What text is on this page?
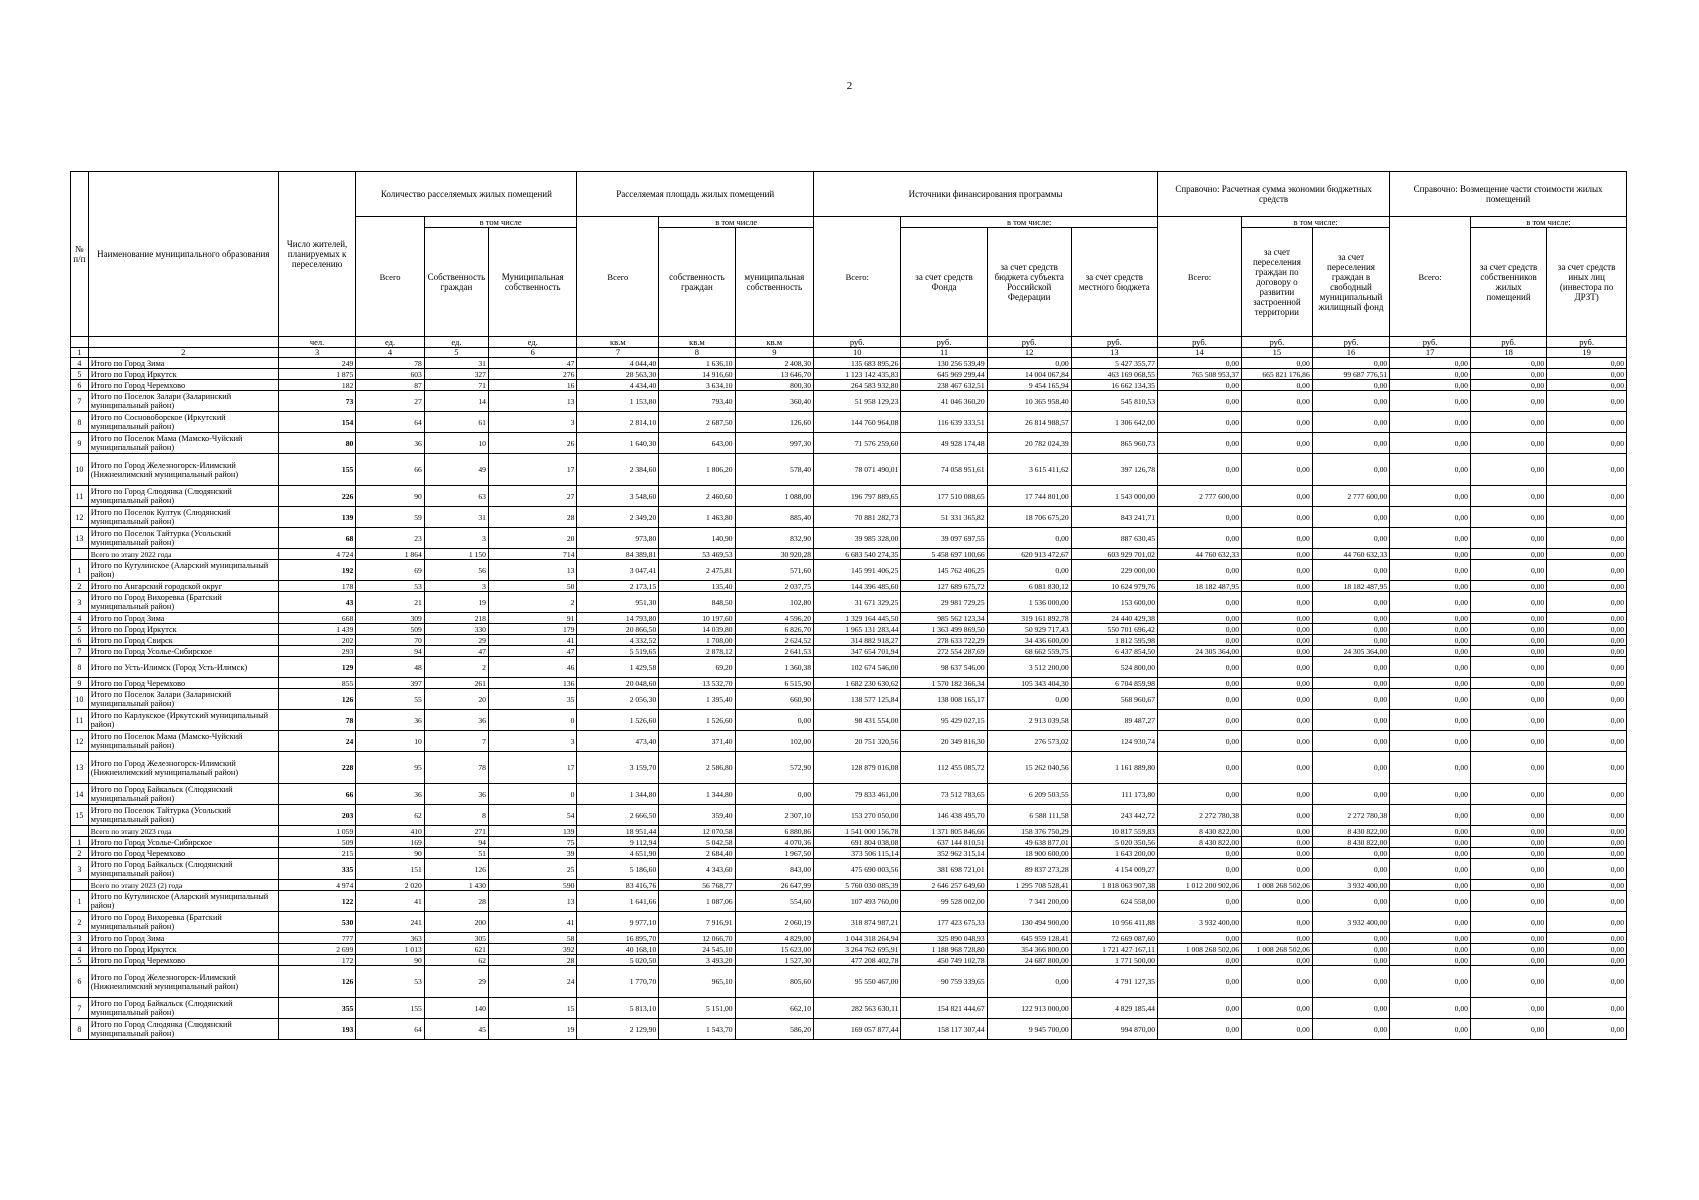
2
№ п/п	Наименование муниципального образования	Число жителей, планируемых к переселению	Количество расселяемых жилых помещений			Расселяемая площадь жилых помещений			Источники финансирования программы				Справочно: Расчетная сумма экономии бюджетных средств			Справочно: Возмещение части стоимости жилых помещений		
			Всего	в том числе		Всего	в том числе		Всего:	в том числе:			Всего:	в том числе:		Всего:	в том числе:	
				Собственность граждан	Муниципальная собственность		собственность граждан	муниципальная собственность		за счет средств Фонда	за счет средств бюджета субъекта Российской Федерации	за счет средств местного бюджета		за счет переселения граждан по договору о развитии застроенной территории	за счет переселения граждан в свободный муниципальный жилищный фонд		за счет средств собственников жилых помещений	за счет средств иных лиц (инвестора по ДРЗТ)
		чел.	ед.	ед.	ед.	кв.м	кв.м	кв.м	руб.	руб.	руб.	руб.	руб.	руб.	руб.	руб.	руб.	руб.
1	2	3	4	5	6	7	8	9	10	11	12	13	14	15	16	17	18	19
4	Итого по Город Зима	249	78	31	47	4 044,40	1 636,10	2 408,30	135 683 895,26	130 256 539,49	0,00	5 427 355,77	0,00	0,00	0,00	0,00	0,00	0,00
5	Итого по Город Иркутск	1 875	603	327	276	28 563,30	14 916,60	13 646,70	1 123 142 435,83	645 969 299,44	14 004 067,84	463 169 068,55	765 508 953,37	665 821 176,86	99 687 776,51	0,00	0,00	0,00
6	Итого по Город Черемхово	182	87	71	16	4 434,40	3 634,10	800,30	264 583 932,80	238 467 632,51	9 454 165,94	16 662 134,35	0,00	0,00	0,00	0,00	0,00	0,00
7	Итого по Поселок Залари (Заларинский муниципальный район)	73	27	14	13	1 153,80	793,40	360,40	51 958 129,23	41 046 360,20	10 365 958,40	545 810,53	0,00	0,00	0,00	0,00	0,00	0,00
8	Итого по Сосновоборское (Иркутский муниципальный район)	154	64	61	3	2 814,10	2 687,50	126,60	144 760 964,08	116 639 333,51	26 814 988,57	1 306 642,00	0,00	0,00	0,00	0,00	0,00	0,00
9	Итого по Поселок Мама (Мамско-Чуйский муниципальный район)	80	36	10	26	1 640,30	643,00	997,30	71 576 259,60	49 928 174,48	20 782 024,39	865 960,73	0,00	0,00	0,00	0,00	0,00	0,00
10	Итого по Город Железногорск-Илимский (Нижнеилимский муниципальный район)	155	66	49	17	2 384,60	1 806,20	578,40	78 071 490,01	74 058 951,61	3 615 411,62	397 126,78	0,00	0,00	0,00	0,00	0,00	0,00
11	Итого по Город Слюдянка (Слюдянский муниципальный район)	226	90	63	27	3 548,60	2 460,60	1 088,00	196 797 889,65	177 510 088,65	17 744 801,00	1 543 000,00	2 777 600,00	0,00	2 777 600,00	0,00	0,00	0,00
12	Итого по Поселок Култук (Слюдянский муниципальный район)	139	59	31	28	2 349,20	1 463,80	885,40	70 881 282,73	51 331 365,82	18 706 675,20	843 241,71	0,00	0,00	0,00	0,00	0,00	0,00
13	Итого по Поселок Тайтурка (Усольский муниципальный район)	68	23	3	20	973,80	140,90	832,90	39 985 328,00	39 097 697,55	0,00	887 630,45	0,00	0,00	0,00	0,00	0,00	0,00
	Всего по этапу 2022 года	4 724	1 864	1 150	714	84 389,81	53 469,53	30 920,28	6 683 540 274,35	5 458 697 100,66	620 913 472,67	603 929 701,02	44 760 632,33	0,00	44 760 632,33	0,00	0,00	0,00
1	Итого по Кутулинское (Аларский муниципальный район)	192	69	56	13	3 047,41	2 475,81	571,60	145 991 406,25	145 762 406,25	0,00	229 000,00	0,00	0,00	0,00	0,00	0,00	0,00
2	Итого по Ангарский городской округ	178	53	3	50	2 173,15	135,40	2 037,75	144 396 485,60	127 689 675,72	6 081 830,12	10 624 979,76	18 182 487,95	0,00	18 182 487,95	0,00	0,00	0,00
3	Итого по Город Вихоревка (Братский муниципальный район)	43	21	19	2	951,30	848,50	102,80	31 671 329,25	29 981 729,25	1 536 000,00	153 600,00	0,00	0,00	0,00	0,00	0,00	0,00
4	Итого по Город Зима	668	309	218	91	14 793,80	10 197,60	4 596,20	1 329 164 445,50	985 562 123,34	319 161 892,78	24 440 429,38	0,00	0,00	0,00	0,00	0,00	0,00
5	Итого по Город Иркутск	1 439	509	330	179	20 866,50	14 039,80	6 826,70	1 965 131 283,44	1 363 499 869,50	50 929 717,43	550 701 696,42	0,00	0,00	0,00	0,00	0,00	0,00
6	Итого по Город Свирск	202	70	29	41	4 332,52	1 708,00	2 624,52	314 882 918,27	278 633 722,29	34 436 600,00	1 812 595,98	0,00	0,00	0,00	0,00	0,00	0,00
7	Итого по Город Усолье-Сибирское	293	94	47	47	5 519,65	2 878,12	2 641,53	347 654 701,94	272 554 287,69	68 662 559,75	6 437 854,50	24 305 364,00	0,00	24 305 364,00	0,00	0,00	0,00
8	Итого по Усть-Илимск (Город Усть-Илимск)	129	48	2	46	1 429,58	69,20	1 360,38	102 674 546,00	98 637 546,00	3 512 200,00	524 800,00	0,00	0,00	0,00	0,00	0,00	0,00
9	Итого по Город Черемхово	855	397	261	136	20 048,60	13 532,70	6 515,90	1 682 230 630,62	1 570 182 366,34	105 343 404,30	6 704 859,98	0,00	0,00	0,00	0,00	0,00	0,00
10	Итого по Поселок Залари (Заларинский муниципальный район)	126	55	20	35	2 056,30	1 395,40	660,90	138 577 125,84	138 008 165,17	0,00	568 960,67	0,00	0,00	0,00	0,00	0,00	0,00
11	Итого по Карлукское (Иркутский муниципальный район)	78	36	36	0	1 526,60	1 526,60	0,00	98 431 554,00	95 429 027,15	2 913 039,58	89 487,27	0,00	0,00	0,00	0,00	0,00	0,00
12	Итого по Поселок Мама (Мамско-Чуйский муниципальный район)	24	10	7	3	473,40	371,40	102,00	20 751 320,56	20 349 816,30	276 573,02	124 930,74	0,00	0,00	0,00	0,00	0,00	0,00
13	Итого по Город Железногорск-Илимский (Нижнеилимский муниципальный район)	228	95	78	17	3 159,70	2 586,80	572,90	128 879 016,08	112 455 085,72	15 262 040,56	1 161 889,80	0,00	0,00	0,00	0,00	0,00	0,00
14	Итого по Город Байкальск (Слюдянский муниципальный район)	66	36	36	0	1 344,80	1 344,80	0,00	79 833 461,00	73 512 783,65	6 209 503,55	111 173,80	0,00	0,00	0,00	0,00	0,00	0,00
15	Итого по Поселок Тайтурка (Усольский муниципальный район)	203	62	8	54	2 666,50	359,40	2 307,10	153 270 050,00	146 438 495,70	6 588 111,58	243 442,72	2 272 780,38	0,00	2 272 780,38	0,00	0,00	0,00
	Всего по этапу 2023 года	1 059	410	271	139	18 951,44	12 070,58	6 880,86	1 541 000 156,78	1 371 805 846,66	158 376 750,29	10 817 559,83	8 430 822,00	0,00	8 430 822,00	0,00	0,00	0,00
1	Итого по Город Усолье-Сибирское	509	169	94	75	9 112,94	5 042,58	4 070,36	691 804 038,08	637 144 810,51	49 638 877,01	5 020 350,56	8 430 822,00	0,00	8 430 822,00	0,00	0,00	0,00
2	Итого по Город Черемхово	215	90	51	39	4 651,90	2 684,40	1 967,50	373 506 115,14	352 962 315,14	18 900 600,00	1 643 200,00	0,00	0,00	0,00	0,00	0,00	0,00
3	Итого по Город Байкальск (Слюдянский муниципальный район)	335	151	126	25	5 186,60	4 343,60	843,00	475 690 003,56	381 698 721,01	89 837 273,28	4 154 009,27	0,00	0,00	0,00	0,00	0,00	0,00
	Всего по этапу 2023 (2) года	4 974	2 020	1 430	590	83 416,76	56 768,77	26 647,99	5 760 030 085,39	2 646 257 649,60	1 295 708 528,41	1 818 063 907,38	1 012 200 902,06	1 008 268 502,06	3 932 400,00	0,00	0,00	0,00
1	Итого по Кутулинское (Аларский муниципальный район)	122	41	28	13	1 641,66	1 087,06	554,60	107 493 760,00	99 528 002,00	7 341 200,00	624 558,00	0,00	0,00	0,00	0,00	0,00	0,00
2	Итого по Город Вихоревка (Братский муниципальный район)	530	241	200	41	9 977,10	7 916,91	2 060,19	318 874 987,21	177 423 675,33	130 494 900,00	10 956 411,88	3 932 400,00	0,00	3 932 400,00	0,00	0,00	0,00
3	Итого по Город Зима	777	363	305	58	16 895,70	12 066,70	4 829,00	1 044 318 264,94	325 890 048,93	645 959 128,41	72 669 087,60	0,00	0,00	0,00	0,00	0,00	0,00
4	Итого по Город Иркутск	2 699	1 013	621	392	40 168,10	24 545,10	15 623,00	3 264 762 695,91	1 188 968 728,80	354 366 800,00	1 721 427 167,11	1 008 268 502,06	1 008 268 502,06	0,00	0,00	0,00	0,00
5	Итого по Город Черемхово	172	90	62	28	5 020,50	3 493,20	1 527,30	477 208 402,78	450 749 102,78	24 687 800,00	1 771 500,00	0,00	0,00	0,00	0,00	0,00	0,00
6	Итого по Город Железногорск-Илимский (Нижнеилимский муниципальный район)	126	53	29	24	1 770,70	965,10	805,60	95 550 467,00	90 759 339,65	0,00	4 791 127,35	0,00	0,00	0,00	0,00	0,00	0,00
7	Итого по Город Байкальск (Слюдянский муниципальный район)	355	155	140	15	5 813,10	5 151,00	662,10	282 563 630,11	154 821 444,67	122 913 000,00	4 829 185,44	0,00	0,00	0,00	0,00	0,00	0,00
8	Итого по Город Слюдянка (Слюдянский муниципальный район)	193	64	45	19	2 129,90	1 543,70	586,20	169 057 877,44	158 117 307,44	9 945 700,00	994 870,00	0,00	0,00	0,00	0,00	0,00	0,00
